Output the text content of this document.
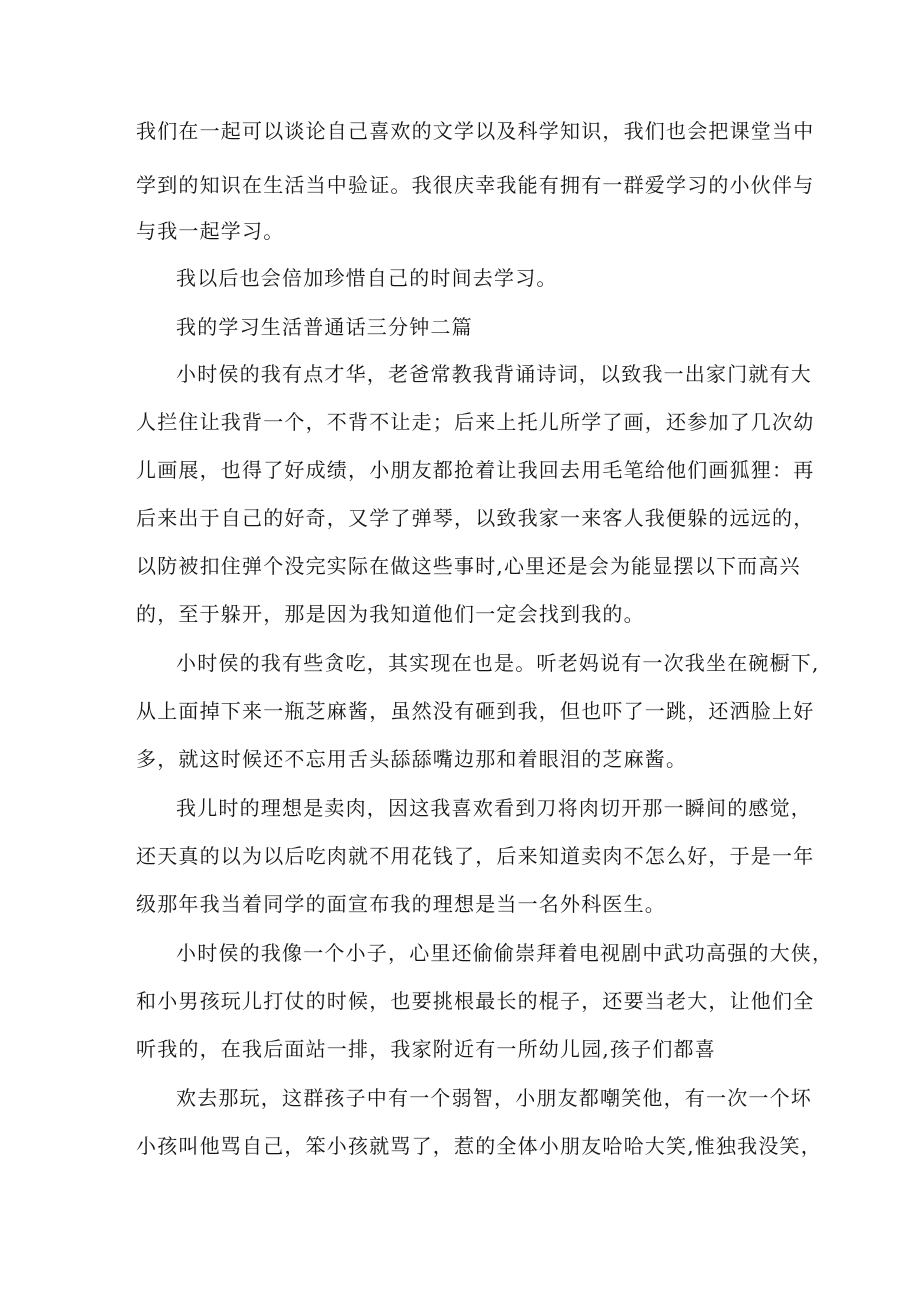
我们在一起可以谈论自己喜欢的文学以及科学知识，我们也会把课堂当中

学到的知识在生活当中验证。我很庆幸我能有拥有一群爱学习的小伙伴与

与我一起学习。

我以后也会倍加珍惜自己的时间去学习。

我的学习生活普通话三分钟二篇

小时侯的我有点才华，老爸常教我背诵诗词，以致我一出家门就有大

人拦住让我背一个，不背不让走；后来上托儿所学了画，还参加了几次幼

儿画展，也得了好成绩，小朋友都抢着让我回去用毛笔给他们画狐狸：再

后来出于自己的好奇，又学了弹琴，以致我家一来客人我便躲的远远的，

以防被扣住弹个没完实际在做这些事时,心里还是会为能显摆以下而高兴

的，至于躲开，那是因为我知道他们一定会找到我的。

小时侯的我有些贪吃，其实现在也是。听老妈说有一次我坐在碗橱下,

从上面掉下来一瓶芝麻酱，虽然没有砸到我，但也吓了一跳，还洒脸上好

多，就这时候还不忘用舌头舔舔嘴边那和着眼泪的芝麻酱。

我儿时的理想是卖肉，因这我喜欢看到刀将肉切开那一瞬间的感觉，

还天真的以为以后吃肉就不用花钱了，后来知道卖肉不怎么好，于是一年

级那年我当着同学的面宣布我的理想是当一名外科医生。

小时侯的我像一个小子，心里还偷偷崇拜着电视剧中武功高强的大侠，

和小男孩玩儿打仗的时候，也要挑根最长的棍子，还要当老大，让他们全

听我的，在我后面站一排，我家附近有一所幼儿园,孩子们都喜

欢去那玩，这群孩子中有一个弱智，小朋友都嘲笑他，有一次一个坏

小孩叫他骂自己，笨小孩就骂了，惹的全体小朋友哈哈大笑,惟独我没笑，
